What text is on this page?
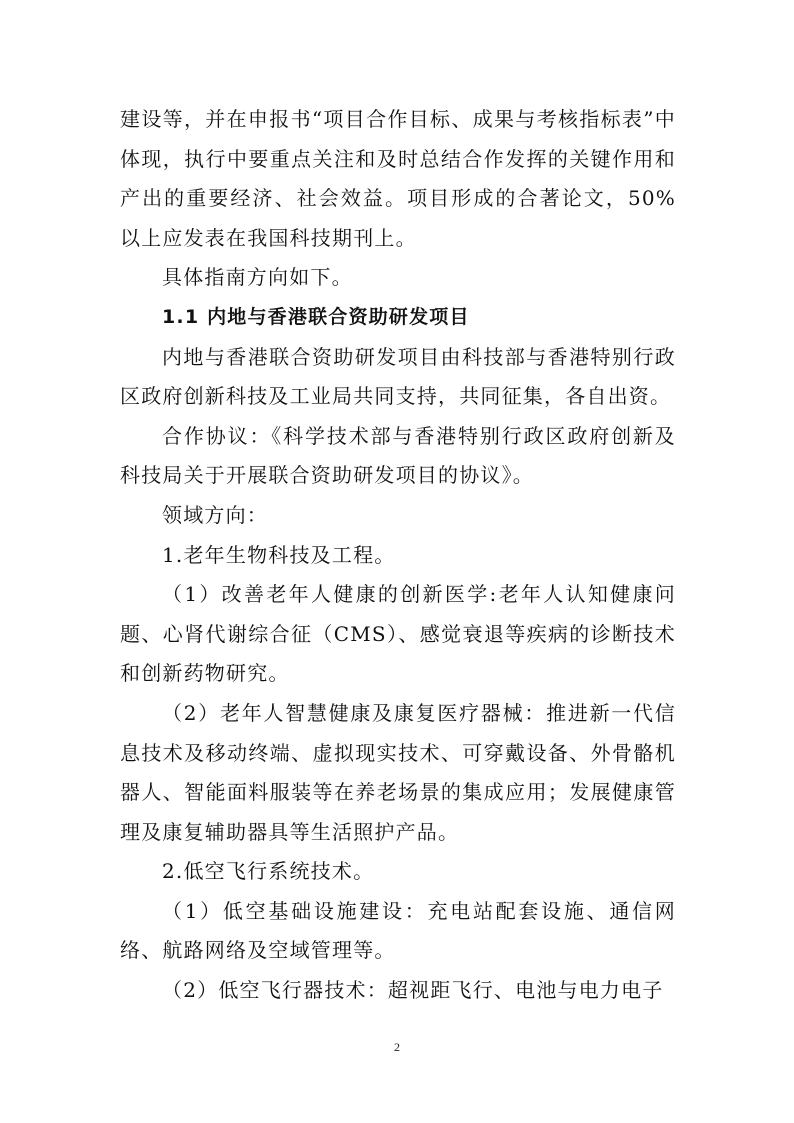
建设等，并在申报书“项目合作目标、成果与考核指标表”中体现，执行中要重点关注和及时总结合作发挥的关键作用和产出的重要经济、社会效益。项目形成的合著论文，50%以上应发表在我国科技期刊上。

具体指南方向如下。

1.1 内地与香港联合资助研发项目

内地与香港联合资助研发项目由科技部与香港特别行政区政府创新科技及工业局共同支持，共同征集，各自出资。

合作协议：《科学技术部与香港特别行政区政府创新及科技局关于开展联合资助研发项目的协议》。

领域方向：

1.老年生物科技及工程。

（1）改善老年人健康的创新医学:老年人认知健康问题、心肾代谢综合征（CMS）、感觉衰退等疾病的诊断技术和创新药物研究。

（2）老年人智慧健康及康复医疗器械：推进新一代信息技术及移动终端、虚拟现实技术、可穿戴设备、外骨骼机器人、智能面料服装等在养老场景的集成应用；发展健康管理及康复辅助器具等生活照护产品。

2.低空飞行系统技术。

（1）低空基础设施建设：充电站配套设施、通信网络、航路网络及空域管理等。

（2）低空飞行器技术：超视距飞行、电池与电力电子

2
